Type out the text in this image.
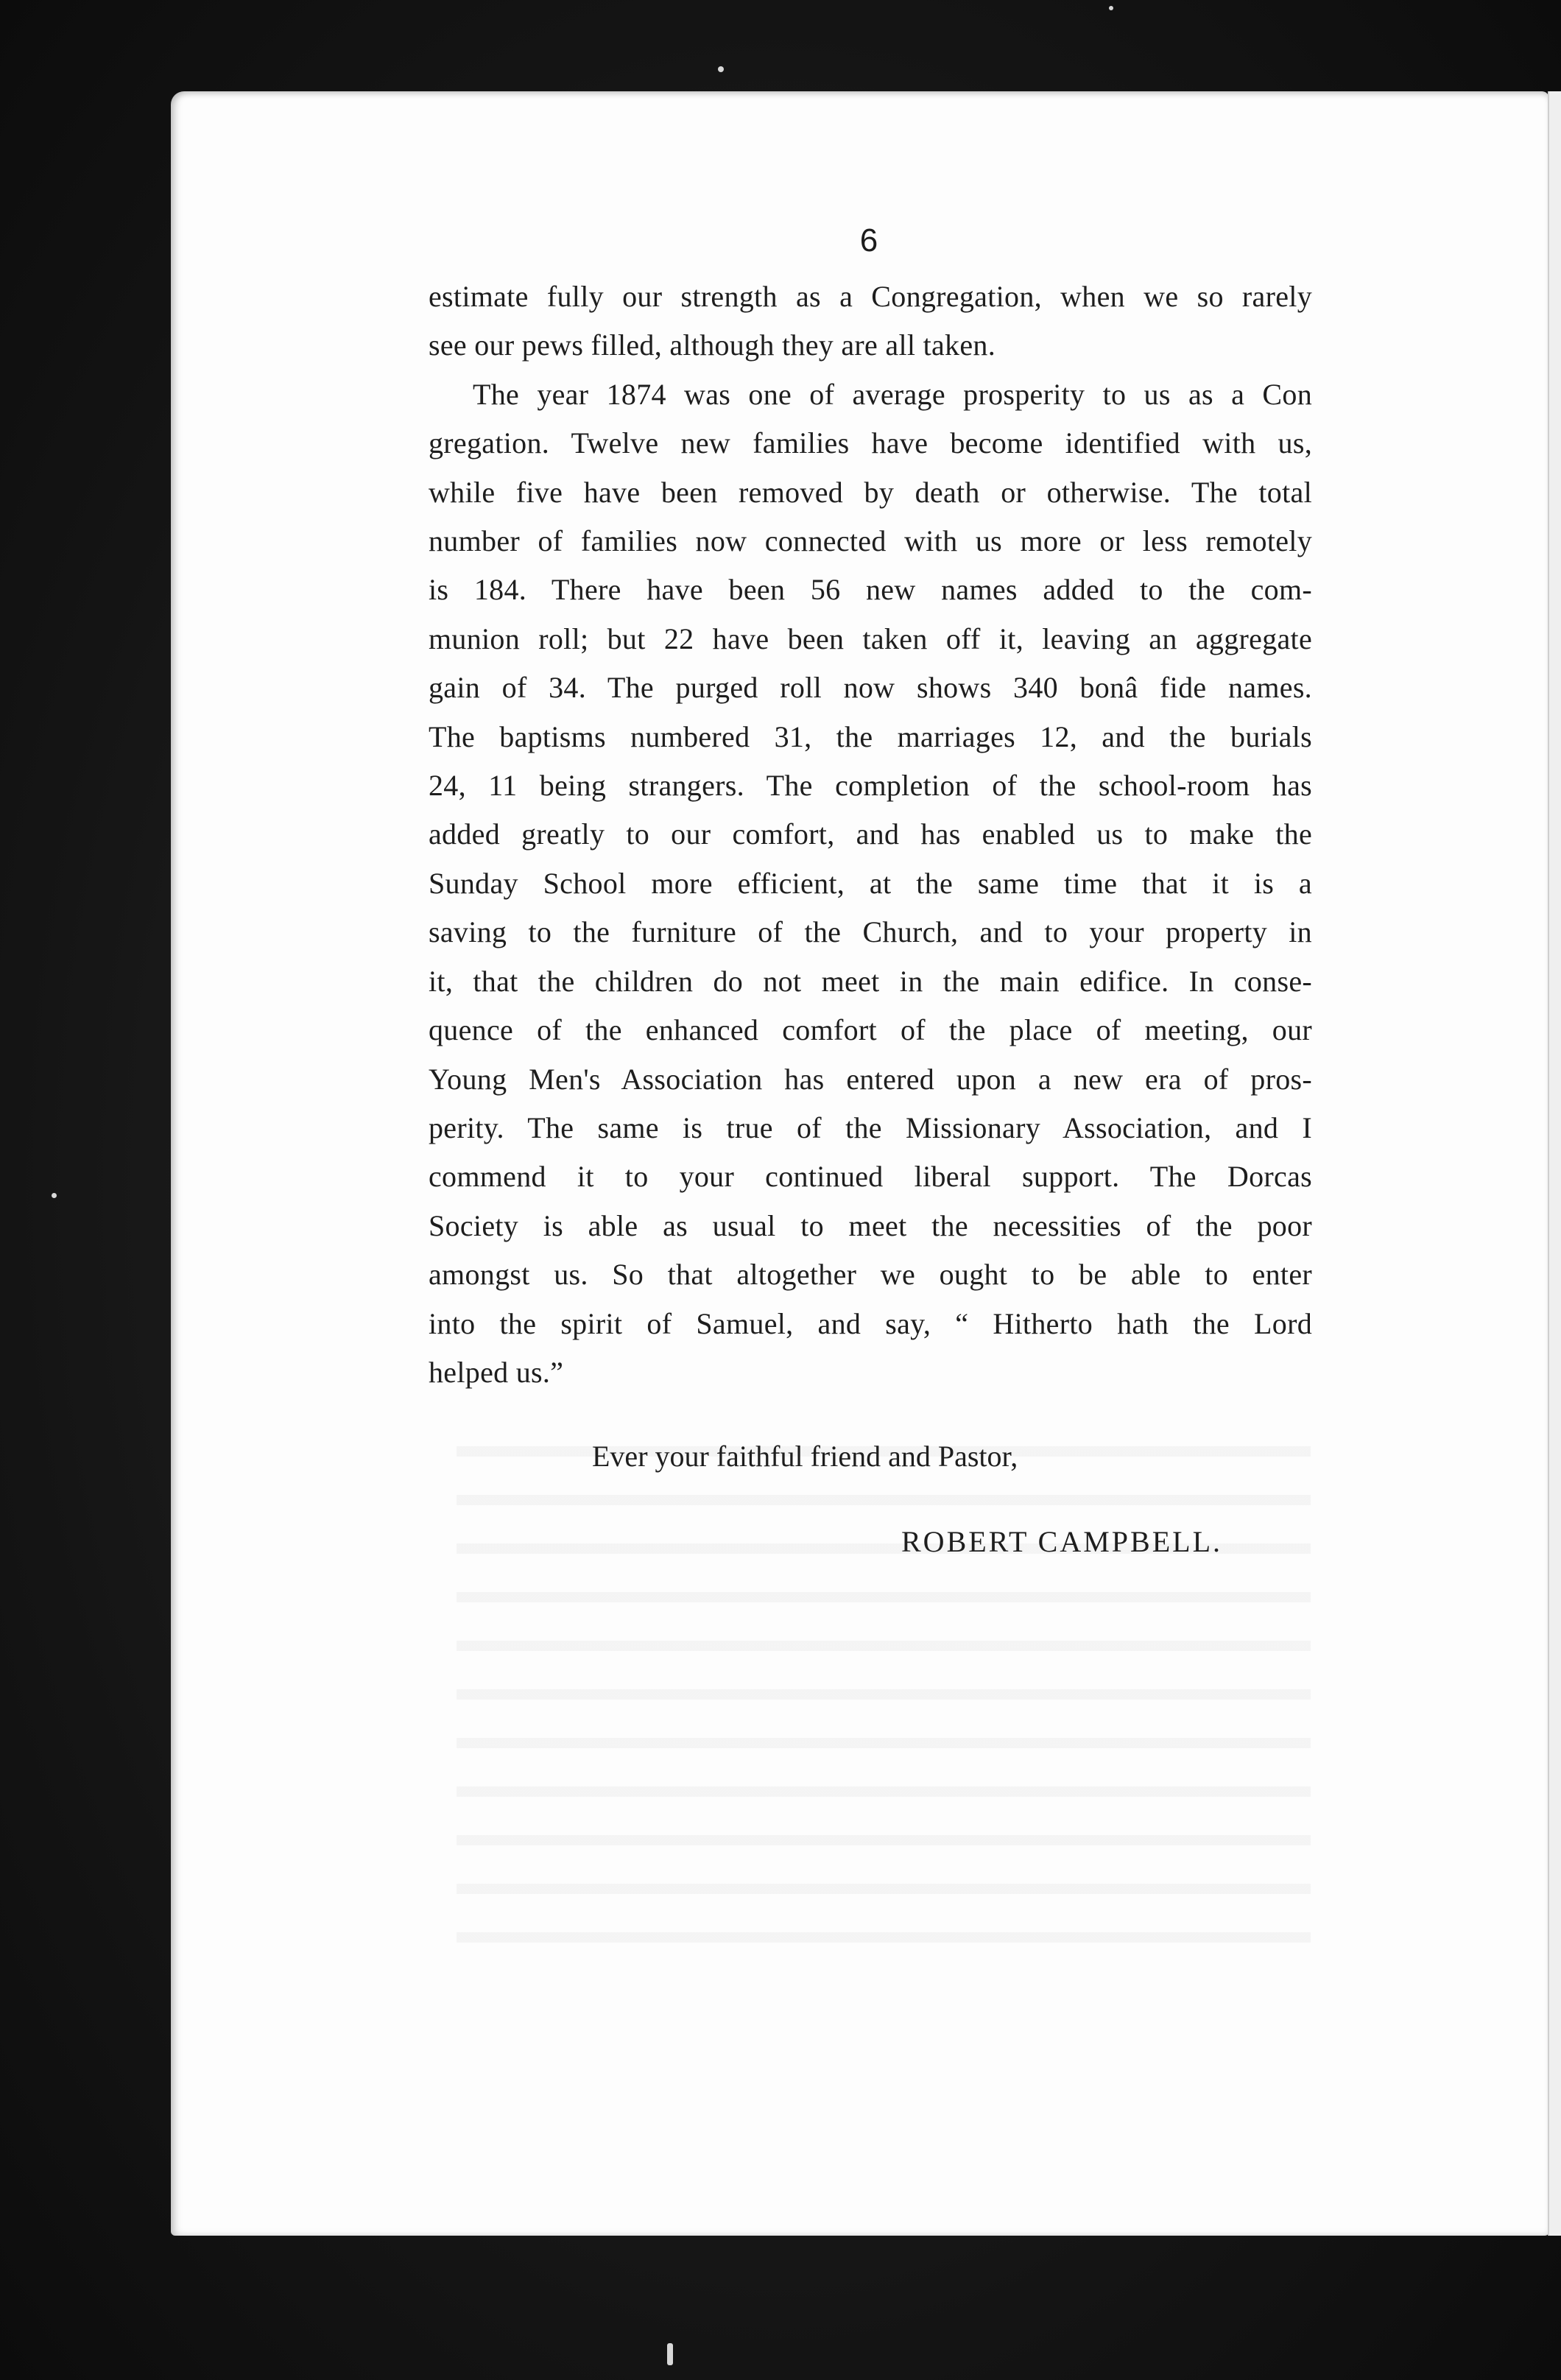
6
estimate fully our strength as a Congregation, when we so rarely
see our pews filled, although they are all taken.
The year 1874 was one of average prosperity to us as a Con
gregation. Twelve new families have become identified with us,
while five have been removed by death or otherwise. The total
number of families now connected with us more or less remotely
is 184. There have been 56 new names added to the com-
munion roll; but 22 have been taken off it, leaving an aggregate
gain of 34. The purged roll now shows 340 bonâ fide names.
The baptisms numbered 31, the marriages 12, and the burials
24, 11 being strangers. The completion of the school-room has
added greatly to our comfort, and has enabled us to make the
Sunday School more efficient, at the same time that it is a
saving to the furniture of the Church, and to your property in
it, that the children do not meet in the main edifice. In conse-
quence of the enhanced comfort of the place of meeting, our
Young Men's Association has entered upon a new era of pros-
perity. The same is true of the Missionary Association, and I
commend it to your continued liberal support. The Dorcas
Society is able as usual to meet the necessities of the poor
amongst us. So that altogether we ought to be able to enter
into the spirit of Samuel, and say, “ Hitherto hath the Lord
helped us.”
Ever your faithful friend and Pastor,
ROBERT CAMPBELL.
